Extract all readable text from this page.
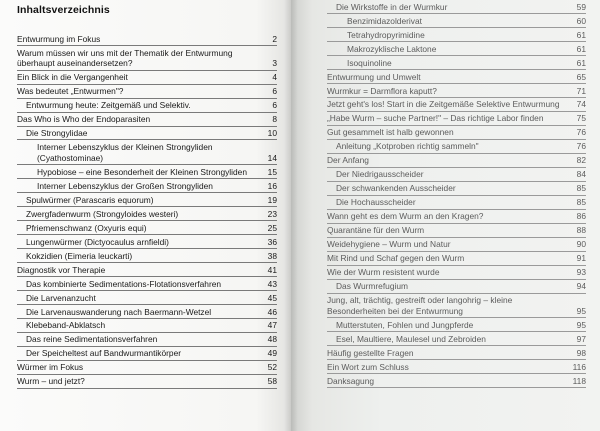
Inhaltsverzeichnis
Entwurmung im Fokus	2
Warum müssen wir uns mit der Thematik der Entwurmung überhaupt auseinandersetzen?	3
Ein Blick in die Vergangenheit	4
Was bedeutet „Entwurmen"?	6
Entwurmung heute: Zeitgemäß und Selektiv.	6
Das Who is Who der Endoparasiten	8
Die Strongylidae	10
Interner Lebenszyklus der Kleinen Strongyliden (Cyathostominae)	14
Hypobiose – eine Besonderheit der Kleinen Strongyliden	15
Interner Lebenszyklus der Großen Strongyliden	16
Spulwürmer (Parascaris equorum)	19
Zwergfadenwurm (Strongyloides westeri)	23
Pfriemenschwanz (Oxyuris equi)	25
Lungenwürmer (Dictyocaulus arnfieldi)	36
Kokzidien (Eimeria leuckarti)	38
Diagnostik vor Therapie	41
Das kombinierte Sedimentations-Flotationsverfahren	43
Die Larvenanzucht	45
Die Larvenauswanderung nach Baermann-Wetzel	46
Klebeband-Abklatsch	47
Das reine Sedimentationsverfahren	48
Der Speicheltest auf Bandwurmantikörper	49
Würmer im Fokus	52
Wurm – und jetzt?	58
Die Wirkstoffe in der Wurmkur	59
Benzimidazolderivat	60
Tetrahydropyrimidine	61
Makrozyklische Laktone	61
Isoquinoline	61
Entwurmung und Umwelt	65
Wurmkur = Darmflora kaputt?	71
Jetzt geht's los! Start in die Zeitgemäße Selektive Entwurmung	74
„Habe Wurm – suche Partner!" – Das richtige Labor finden	75
Gut gesammelt ist halb gewonnen	76
Anleitung „Kotproben richtig sammeln"	76
Der Anfang	82
Der Niedrigausscheider	84
Der schwankenden Ausscheider	85
Die Hochausscheider	85
Wann geht es dem Wurm an den Kragen?	86
Quarantäne für den Wurm	88
Weidehygiene – Wurm und Natur	90
Mit Rind und Schaf gegen den Wurm	91
Wie der Wurm resistent wurde	93
Das Wurmrefugium	94
Jung, alt, trächtig, gestreift oder langohrig – kleine Besonderheiten bei der Entwurmung	95
Mutterstuten, Fohlen und Jungpferde	95
Esel, Maultiere, Maulesel und Zebroiden	97
Häufig gestellte Fragen	98
Ein Wort zum Schluss	116
Danksagung	118
